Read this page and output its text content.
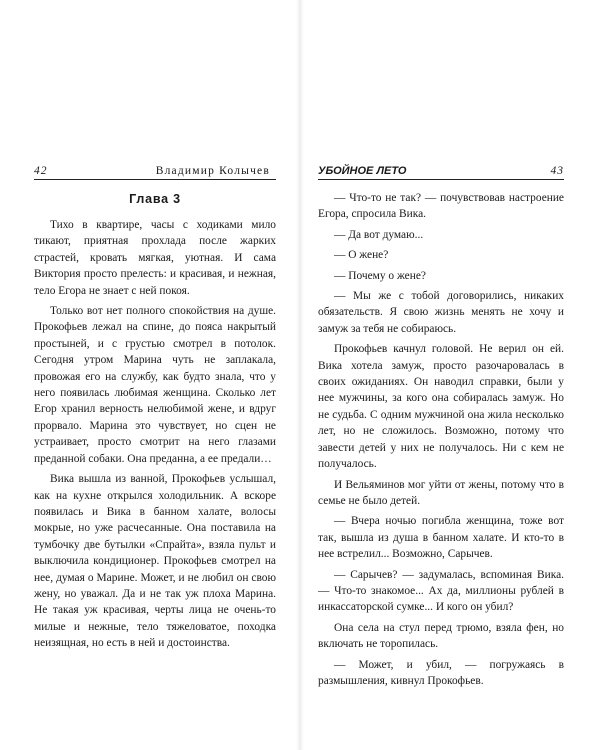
42	Владимир Колычев
Глава 3

Тихо в квартире, часы с ходиками мило тикают, приятная прохлада после жарких страстей, кровать мягкая, уютная. И сама Виктория просто прелесть: и красивая, и нежная, тело Егора не знает с ней покоя.

Только вот нет полного спокойствия на душе. Прокофьев лежал на спине, до пояса накрытый простыней, и с грустью смотрел в потолок. Сегодня утром Марина чуть не заплакала, провожая его на службу, как будто знала, что у него появилась любимая женщина. Сколько лет Егор хранил верность нелюбимой жене, и вдруг прорвало. Марина это чувствует, но сцен не устраивает, просто смотрит на него глазами преданной собаки. Она преданна, а ее предали…

Вика вышла из ванной, Прокофьев услышал, как на кухне открылся холодильник. А вскоре появилась и Вика в банном халате, волосы мокрые, но уже расчесанные. Она поставила на тумбочку две бутылки «Спрайта», взяла пульт и выключила кондиционер. Прокофьев смотрел на нее, думая о Марине. Может, и не любил он свою жену, но уважал. Да и не так уж плоха Марина. Не такая уж красивая, черты лица не очень-то милые и нежные, тело тяжеловатое, походка неизящная, но есть в ней и достоинства.

УБОЙНОЕ ЛЕТО	43

— Что-то не так? — почувствовав настроение Егора, спросила Вика.

— Да вот думаю...

— О жене?

— Почему о жене?

— Мы же с тобой договорились, никаких обязательств. Я свою жизнь менять не хочу и замуж за тебя не собираюсь.

Прокофьев качнул головой. Не верил он ей. Вика хотела замуж, просто разочаровалась в своих ожиданиях. Он наводил справки, были у нее мужчины, за кого она собиралась замуж. Но не судьба. С одним мужчиной она жила несколько лет, но не сложилось. Возможно, потому что завести детей у них не получалось. Ни с кем не получалось.

И Вельяминов мог уйти от жены, потому что в семье не было детей.

— Вчера ночью погибла женщина, тоже вот так, вышла из душа в банном халате. И кто-то в нее встрелил... Возможно, Сарычев.

— Сарычев? — задумалась, вспоминая Вика. — Что-то знакомое... Ах да, миллионы рублей в инкассаторской сумке... И кого он убил?

Она села на стул перед трюмо, взяла фен, но включать не торопилась.

— Может, и убил, — погружаясь в размышления, кивнул Прокофьев.
